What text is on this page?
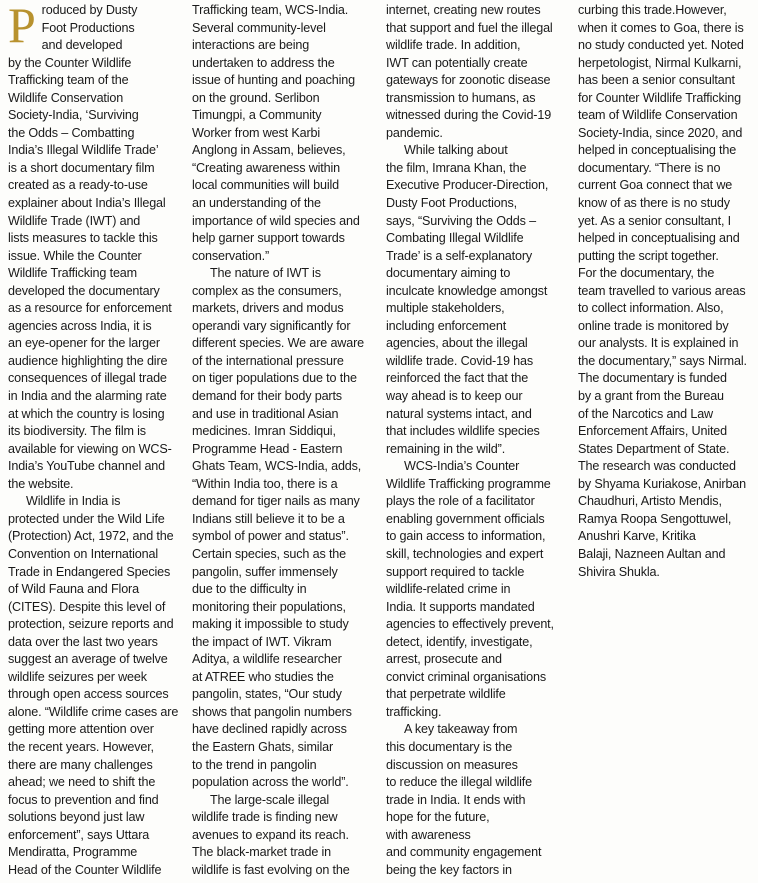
Produced by Dusty
Foot Productions
and developed
by the Counter Wildlife
Trafficking team of the
Wildlife Conservation
Society-India, ‘Surviving
the Odds – Combatting
India’s Illegal Wildlife Trade’
is a short documentary film
created as a ready-to-use
explainer about India’s Illegal
Wildlife Trade (IWT) and
lists measures to tackle this
issue. While the Counter
Wildlife Trafficking team
developed the documentary
as a resource for enforcement
agencies across India, it is
an eye-opener for the larger
audience highlighting the dire
consequences of illegal trade
in India and the alarming rate
at which the country is losing
its biodiversity. The film is
available for viewing on WCS-
India’s YouTube channel and
the website.

Wildlife in India is
protected under the Wild Life
(Protection) Act, 1972, and the
Convention on International
Trade in Endangered Species
of Wild Fauna and Flora
(CITES). Despite this level of
protection, seizure reports and
data over the last two years
suggest an average of twelve
wildlife seizures per week
through open access sources
alone. “Wildlife crime cases are
getting more attention over
the recent years. However,
there are many challenges
ahead; we need to shift the
focus to prevention and find
solutions beyond just law
enforcement”, says Uttara
Mendiratta, Programme
Head of the Counter Wildlife

Trafficking team, WCS-India.
Several community-level
interactions are being
undertaken to address the
issue of hunting and poaching
on the ground. Serlibon
Timungpi, a Community
Worker from west Karbi
Anglong in Assam, believes,
“Creating awareness within
local communities will build
an understanding of the
importance of wild species and
help garner support towards
conservation.”

The nature of IWT is
complex as the consumers,
markets, drivers and modus
operandi vary significantly for
different species. We are aware
of the international pressure
on tiger populations due to the
demand for their body parts
and use in traditional Asian
medicines. Imran Siddiqui,
Programme Head - Eastern
Ghats Team, WCS-India, adds,
“Within India too, there is a
demand for tiger nails as many
Indians still believe it to be a
symbol of power and status”.
Certain species, such as the
pangolin, suffer immensely
due to the difficulty in
monitoring their populations,
making it impossible to study
the impact of IWT. Vikram
Aditya, a wildlife researcher
at ATREE who studies the
pangolin, states, “Our study
shows that pangolin numbers
have declined rapidly across
the Eastern Ghats, similar
to the trend in pangolin
population across the world”.

The large-scale illegal
wildlife trade is finding new
avenues to expand its reach.
The black-market trade in
wildlife is fast evolving on the

internet, creating new routes
that support and fuel the illegal
wildlife trade. In addition,
IWT can potentially create
gateways for zoonotic disease
transmission to humans, as
witnessed during the Covid-19
pandemic.

While talking about
the film, Imrana Khan, the
Executive Producer-Direction,
Dusty Foot Productions,
says, “Surviving the Odds –
Combating Illegal Wildlife
Trade’ is a self-explanatory
documentary aiming to
inculcate knowledge amongst
multiple stakeholders,
including enforcement
agencies, about the illegal
wildlife trade. Covid-19 has
reinforced the fact that the
way ahead is to keep our
natural systems intact, and
that includes wildlife species
remaining in the wild”.

WCS-India’s Counter
Wildlife Trafficking programme
plays the role of a facilitator
enabling government officials
to gain access to information,
skill, technologies and expert
support required to tackle
wildlife-related crime in
India. It supports mandated
agencies to effectively prevent,
detect, identify, investigate,
arrest, prosecute and
convict criminal organisations
that perpetrate wildlife
trafficking.

A key takeaway from
this documentary is the
discussion on measures
to reduce the illegal wildlife
trade in India. It ends with
hope for the future,
with awareness
and community engagement
being the key factors in

curbing this trade.However,
when it comes to Goa, there is
no study conducted yet. Noted
herpetologist, Nirmal Kulkarni,
has been a senior consultant
for Counter Wildlife Trafficking
team of Wildlife Conservation
Society-India, since 2020, and
helped in conceptualising the
documentary. “There is no
current Goa connect that we
know of as there is no study
yet. As a senior consultant, I
helped in conceptualising and
putting the script together.
For the documentary, the
team travelled to various areas
to collect information. Also,
online trade is monitored by
our analysts. It is explained in
the documentary,” says Nirmal.

The documentary is funded
by a grant from the Bureau
of the Narcotics and Law
Enforcement Affairs, United
States Department of State.
The research was conducted
by Shyama Kuriakose, Anirban
Chaudhuri, Artisto Mendis,
Ramya Roopa Sengottuwel,
Anushri Karve, Kritika
Balaji, Nazneen Aultan and
Shivira Shukla.
